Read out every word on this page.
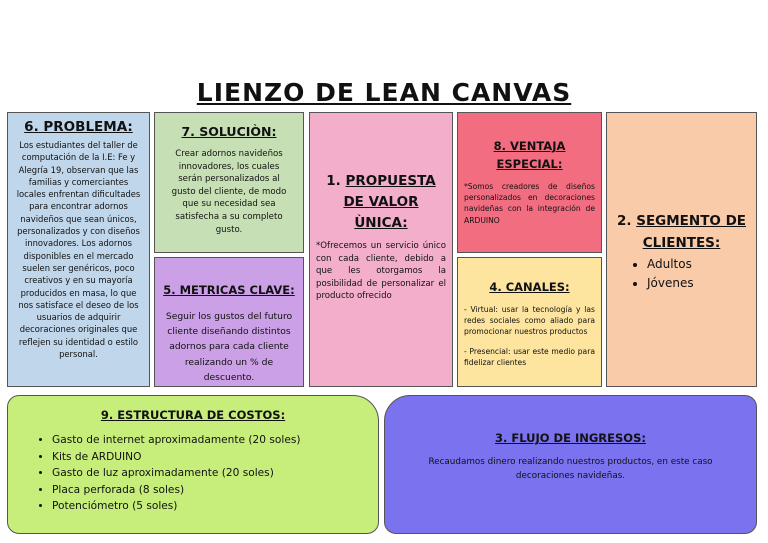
LIENZO DE LEAN CANVAS
6. PROBLEMA:
Los estudiantes del taller de computación de la I.E: Fe y Alegría 19, observan que las familias y comerciantes locales enfrentan dificultades para encontrar adornos navideños que sean únicos, personalizados y con diseños innovadores. Los adornos disponibles en el mercado suelen ser genéricos, poco creativos y en su mayoría producidos en masa, lo que nos satisface el deseo de los usuarios de adquirir decoraciones originales que reflejen su identidad o estilo personal.
7. SOLUCIÒN:
Crear adornos navideños innovadores, los cuales serán personalizados al gusto del cliente, de modo que su necesidad sea satisfecha a su completo gusto.
5. METRICAS CLAVE:
Seguir los gustos del futuro cliente diseñando distintos adornos para cada cliente realizando un % de descuento.
1. PROPUESTA
DE VALOR
ÙNICA:
*Ofrecemos un servicio único con cada cliente, debido a que les otorgamos la posibilidad de personalizar el producto ofrecido
8. VENTAJA
ESPECIAL:
*Somos creadores de diseños personalizados en decoraciones navideñas con la integración de ARDUINO
4. CANALES:
- Virtual: usar la tecnología y las redes sociales como aliado para promocionar nuestros productos
- Presencial: usar este medio para fidelizar clientes
2. SEGMENTO DE
CLIENTES:
• Adultos
• Jóvenes
9. ESTRUCTURA DE COSTOS:
• Gasto de internet aproximadamente (20 soles)
• Kits de ARDUINO
• Gasto de luz aproximadamente (20 soles)
• Placa perforada (8 soles)
• Potenciómetro (5 soles)
3. FLUJO DE INGRESOS:
Recaudamos dinero realizando nuestros productos, en este caso decoraciones navideñas.
